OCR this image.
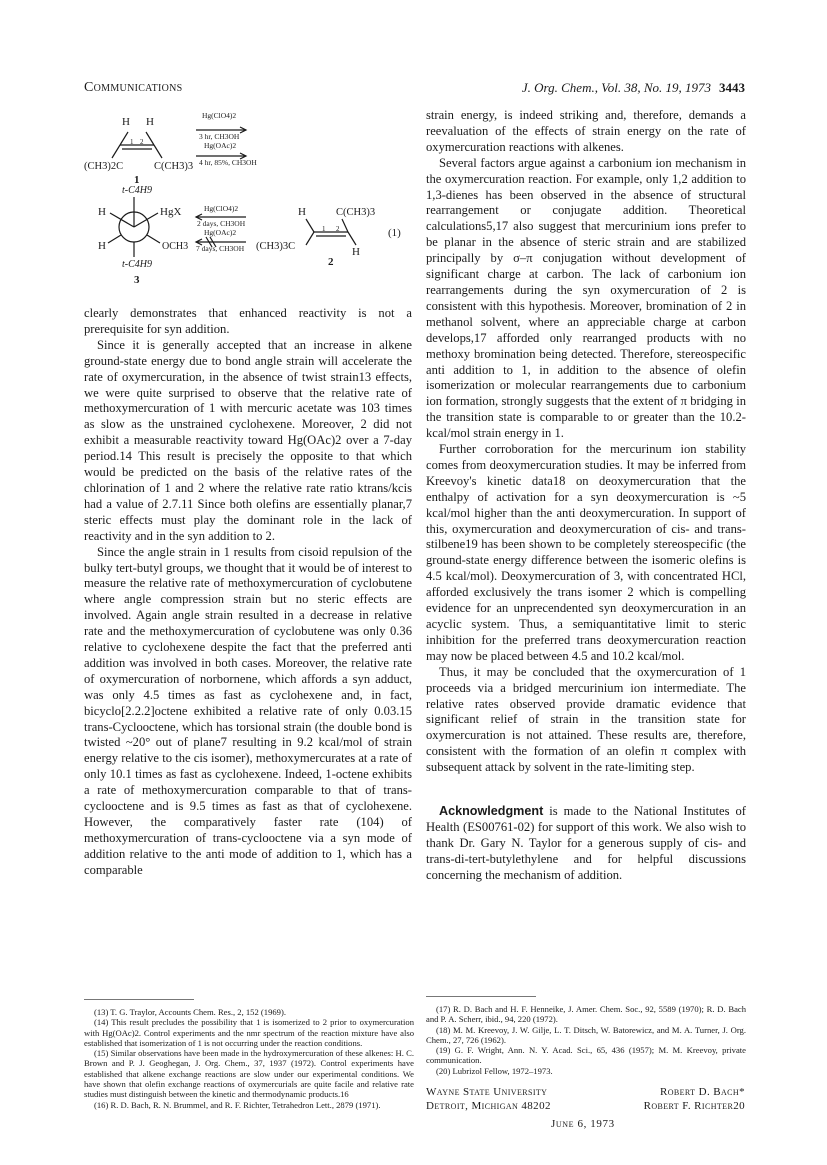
Communications	J. Org. Chem., Vol. 38, No. 19, 1973 3443
H H
1 2
(CH3)2C	C(CH3)3
1
Hg(ClO4)2
3 hr, CH3OH
Hg(OAc)2
4 hr, 85%, CH3OH
t-C4H9
H	HgX
H	OCH3
t-C4H9
3
Hg(ClO4)2
2 days, CH3OH
Hg(OAc)2
7 days, CH3OH
H	C(CH3)3
(CH3)3C	H
1 2
2
(1)

clearly demonstrates that enhanced reactivity is not a prerequisite for syn addition.

Since it is generally accepted that an increase in alkene ground-state energy due to bond angle strain will accelerate the rate of oxymercuration, in the absence of twist strain13 effects, we were quite surprised to observe that the relative rate of methoxymercuration of 1 with mercuric acetate was 103 times as slow as the unstrained cyclohexene. Moreover, 2 did not exhibit a measurable reactivity toward Hg(OAc)2 over a 7-day period.14 This result is precisely the opposite to that which would be predicted on the basis of the relative rates of the chlorination of 1 and 2 where the relative rate ratio ktrans/kcis had a value of 2.7.11 Since both olefins are essentially planar,7 steric effects must play the dominant role in the lack of reactivity and in the syn addition to 2.

Since the angle strain in 1 results from cisoid repulsion of the bulky tert-butyl groups, we thought that it would be of interest to measure the relative rate of methoxymercuration of cyclobutene where angle compression strain but no steric effects are involved. Again angle strain resulted in a decrease in relative rate and the methoxymercuration of cyclobutene was only 0.36 relative to cyclohexene despite the fact that the preferred anti addition was involved in both cases. Moreover, the relative rate of oxymercuration of norbornene, which affords a syn adduct, was only 4.5 times as fast as cyclohexene and, in fact, bicyclo[2.2.2]octene exhibited a relative rate of only 0.03.15 trans-Cyclooctene, which has torsional strain (the double bond is twisted ~20° out of plane7 resulting in 9.2 kcal/mol of strain energy relative to the cis isomer), methoxymercurates at a rate of only 10.1 times as fast as cyclohexene. Indeed, 1-octene exhibits a rate of methoxymercuration comparable to that of trans-cyclooctene and is 9.5 times as fast as that of cyclohexene. However, the comparatively faster rate (104) of methoxymercuration of trans-cyclooctene via a syn mode of addition relative to the anti mode of addition to 1, which has a comparable

strain energy, is indeed striking and, therefore, demands a reevaluation of the effects of strain energy on the rate of oxymercuration reactions with alkenes.

Several factors argue against a carbonium ion mechanism in the oxymercuration reaction. For example, only 1,2 addition to 1,3-dienes has been observed in the absence of structural rearrangement or conjugate addition. Theoretical calculations5,17 also suggest that mercurinium ions prefer to be planar in the absence of steric strain and are stabilized principally by σ–π conjugation without development of significant charge at carbon. The lack of carbonium ion rearrangements during the syn oxymercuration of 2 is consistent with this hypothesis. Moreover, bromination of 2 in methanol solvent, where an appreciable charge at carbon develops,17 afforded only rearranged products with no methoxy bromination being detected. Therefore, stereospecific anti addition to 1, in addition to the absence of olefin isomerization or molecular rearrangements due to carbonium ion formation, strongly suggests that the extent of π bridging in the transition state is comparable to or greater than the 10.2-kcal/mol strain energy in 1.

Further corroboration for the mercurinum ion stability comes from deoxymercuration studies. It may be inferred from Kreevoy's kinetic data18 on deoxymercuration that the enthalpy of activation for a syn deoxymercuration is ~5 kcal/mol higher than the anti deoxymercuration. In support of this, oxymercuration and deoxymercuration of cis- and trans-stilbene19 has been shown to be completely stereospecific (the ground-state energy difference between the isomeric olefins is 4.5 kcal/mol). Deoxymercuration of 3, with concentrated HCl, afforded exclusively the trans isomer 2 which is compelling evidence for an unprecendented syn deoxymercuration in an acyclic system. Thus, a semiquantitative limit to steric inhibition for the preferred trans deoxymercuration reaction may now be placed between 4.5 and 10.2 kcal/mol.

Thus, it may be concluded that the oxymercuration of 1 proceeds via a bridged mercurinium ion intermediate. The relative rates observed provide dramatic evidence that significant relief of strain in the transition state for oxymercuration is not attained. These results are, therefore, consistent with the formation of an olefin π complex with subsequent attack by solvent in the rate-limiting step.

Acknowledgment is made to the National Institutes of Health (ES00761-02) for support of this work. We also wish to thank Dr. Gary N. Taylor for a generous supply of cis- and trans-di-tert-butylethylene and for helpful discussions concerning the mechanism of addition.

(13) T. G. Traylor, Accounts Chem. Res., 2, 152 (1969).

(14) This result precludes the possibility that 1 is isomerized to 2 prior to oxymercuration with Hg(OAc)2. Control experiments and the nmr spectrum of the reaction mixture have also established that isomerization of 1 is not occurring under the reaction conditions.

(15) Similar observations have been made in the hydroxymercuration of these alkenes: H. C. Brown and P. J. Geoghegan, J. Org. Chem., 37, 1937 (1972). Control experiments have established that alkene exchange reactions are slow under our experimental conditions. We have shown that olefin exchange reactions of oxymercurials are quite facile and relative rate studies must distinguish between the kinetic and thermodynamic products.16

(16) R. D. Bach, R. N. Brummel, and R. F. Richter, Tetrahedron Lett., 2879 (1971).

(17) R. D. Bach and H. F. Henneike, J. Amer. Chem. Soc., 92, 5589 (1970); R. D. Bach and P. A. Scherr, ibid., 94, 220 (1972).

(18) M. M. Kreevoy, J. W. Gilje, L. T. Ditsch, W. Batorewicz, and M. A. Turner, J. Org. Chem., 27, 726 (1962).

(19) G. F. Wright, Ann. N. Y. Acad. Sci., 65, 436 (1957); M. M. Kreevoy, private communication.

(20) Lubrizol Fellow, 1972–1973.

Wayne State University
Detroit, Michigan 48202
Robert D. Bach*
Robert F. Richter20
June 6, 1973
